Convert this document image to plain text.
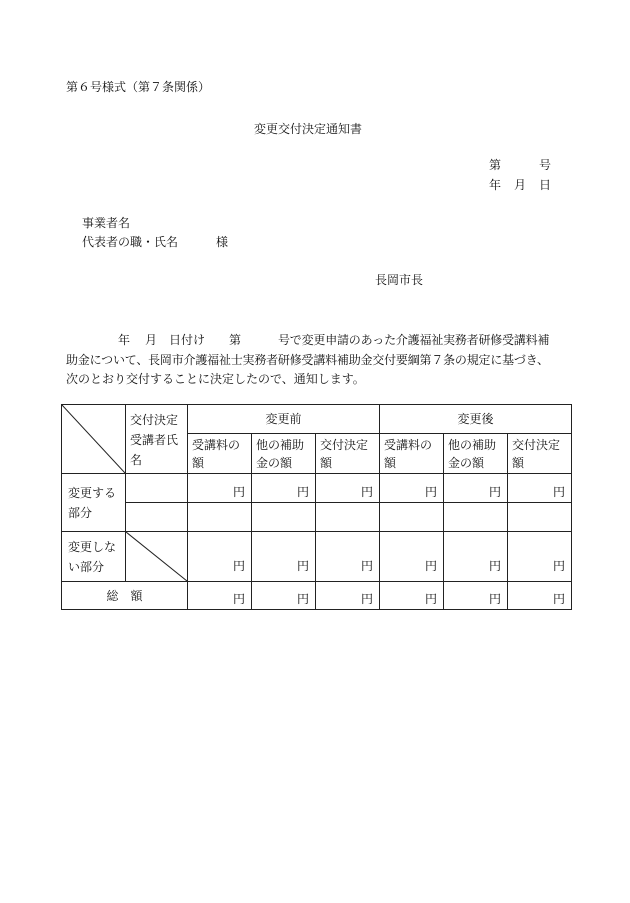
第６号様式（第７条関係）
変更交付決定通知書
第	号
年 月 日
事業者名
代表者の職・氏名	様
長岡市長

年 月 日付け 第	号で変更申請のあった介護福祉実務者研修受講料補

助金について、長岡市介護福祉士実務者研修受講料補助金交付要綱第７条の規定に基づき、

次のとおり交付することに決定したので、通知します。

	交付決定受講者氏名	変更前			変更後		
		受講料の額	他の補助金の額	交付決定額	受講料の額	他の補助金の額	交付決定額
変更する部分		円	円	円	円	円	円

変更しない部分		円	円	円	円	円	円
総　額		円	円	円	円	円	円
